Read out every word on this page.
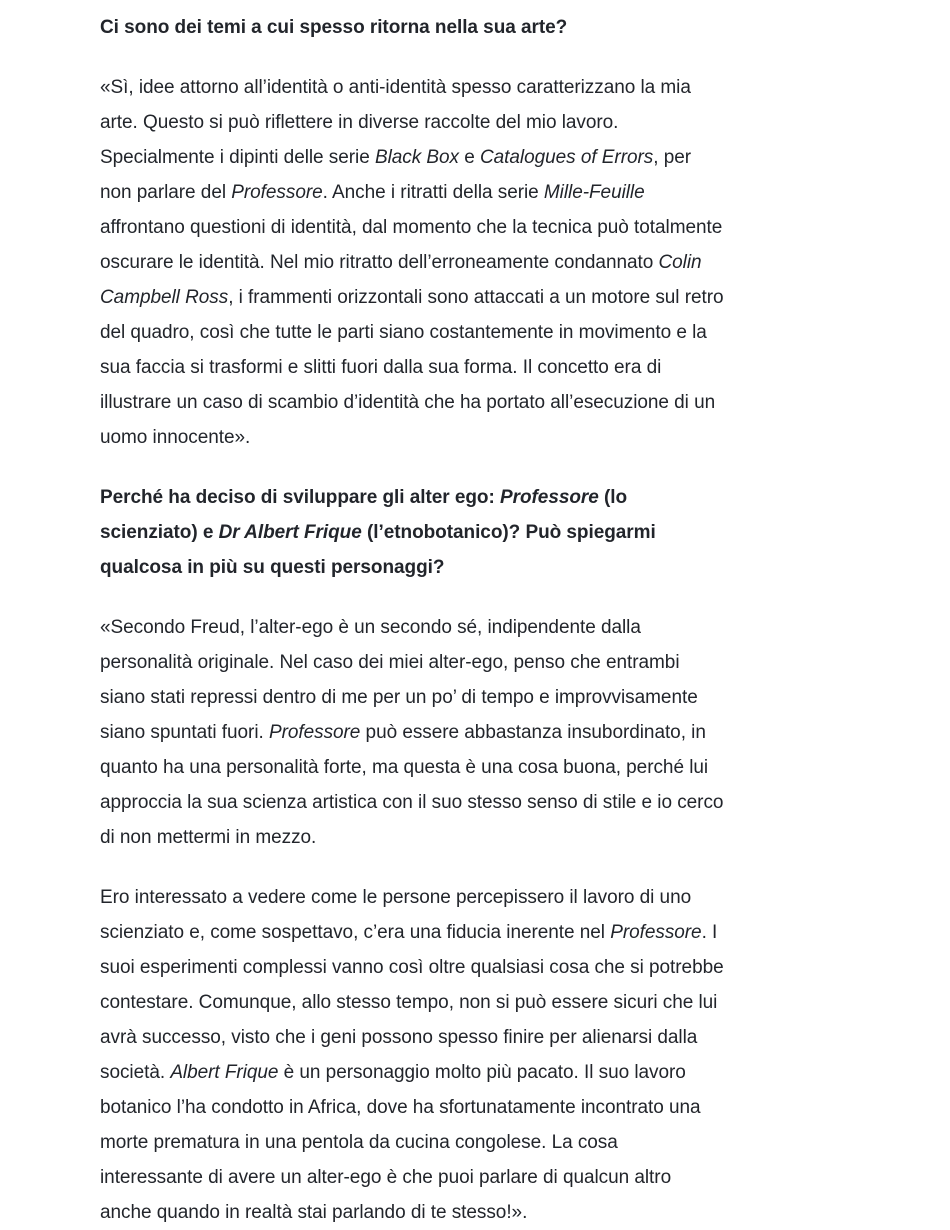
Ci sono dei temi a cui spesso ritorna nella sua arte?

«Sì, idee attorno all’identità o anti-identità spesso caratterizzano la mia arte. Questo si può riflettere in diverse raccolte del mio lavoro. Specialmente i dipinti delle serie Black Box e Catalogues of Errors, per non parlare del Professore. Anche i ritratti della serie Mille-Feuille affrontano questioni di identità, dal momento che la tecnica può totalmente oscurare le identità. Nel mio ritratto dell’erroneamente condannato Colin Campbell Ross, i frammenti orizzontali sono attaccati a un motore sul retro del quadro, così che tutte le parti siano costantemente in movimento e la sua faccia si trasformi e slitti fuori dalla sua forma. Il concetto era di illustrare un caso di scambio d’identità che ha portato all’esecuzione di un uomo innocente».

Perché ha deciso di sviluppare gli alter ego: Professore (lo scienziato) e Dr Albert Frique (l’etnobotanico)? Può spiegarmi qualcosa in più su questi personaggi?

«Secondo Freud, l’alter-ego è un secondo sé, indipendente dalla personalità originale. Nel caso dei miei alter-ego, penso che entrambi siano stati repressi dentro di me per un po’ di tempo e improvvisamente siano spuntati fuori. Professore può essere abbastanza insubordinato, in quanto ha una personalità forte, ma questa è una cosa buona, perché lui approccia la sua scienza artistica con il suo stesso senso di stile e io cerco di non mettermi in mezzo.

Ero interessato a vedere come le persone percepissero il lavoro di uno scienziato e, come sospettavo, c’era una fiducia inerente nel Professore. I suoi esperimenti complessi vanno così oltre qualsiasi cosa che si potrebbe contestare. Comunque, allo stesso tempo, non si può essere sicuri che lui avrà successo, visto che i geni possono spesso finire per alienarsi dalla società. Albert Frique è un personaggio molto più pacato. Il suo lavoro botanico l’ha condotto in Africa, dove ha sfortunatamente incontrato una morte prematura in una pentola da cucina congolese. La cosa interessante di avere un alter-ego è che puoi parlare di qualcun altro anche quando in realtà stai parlando di te stesso!».
